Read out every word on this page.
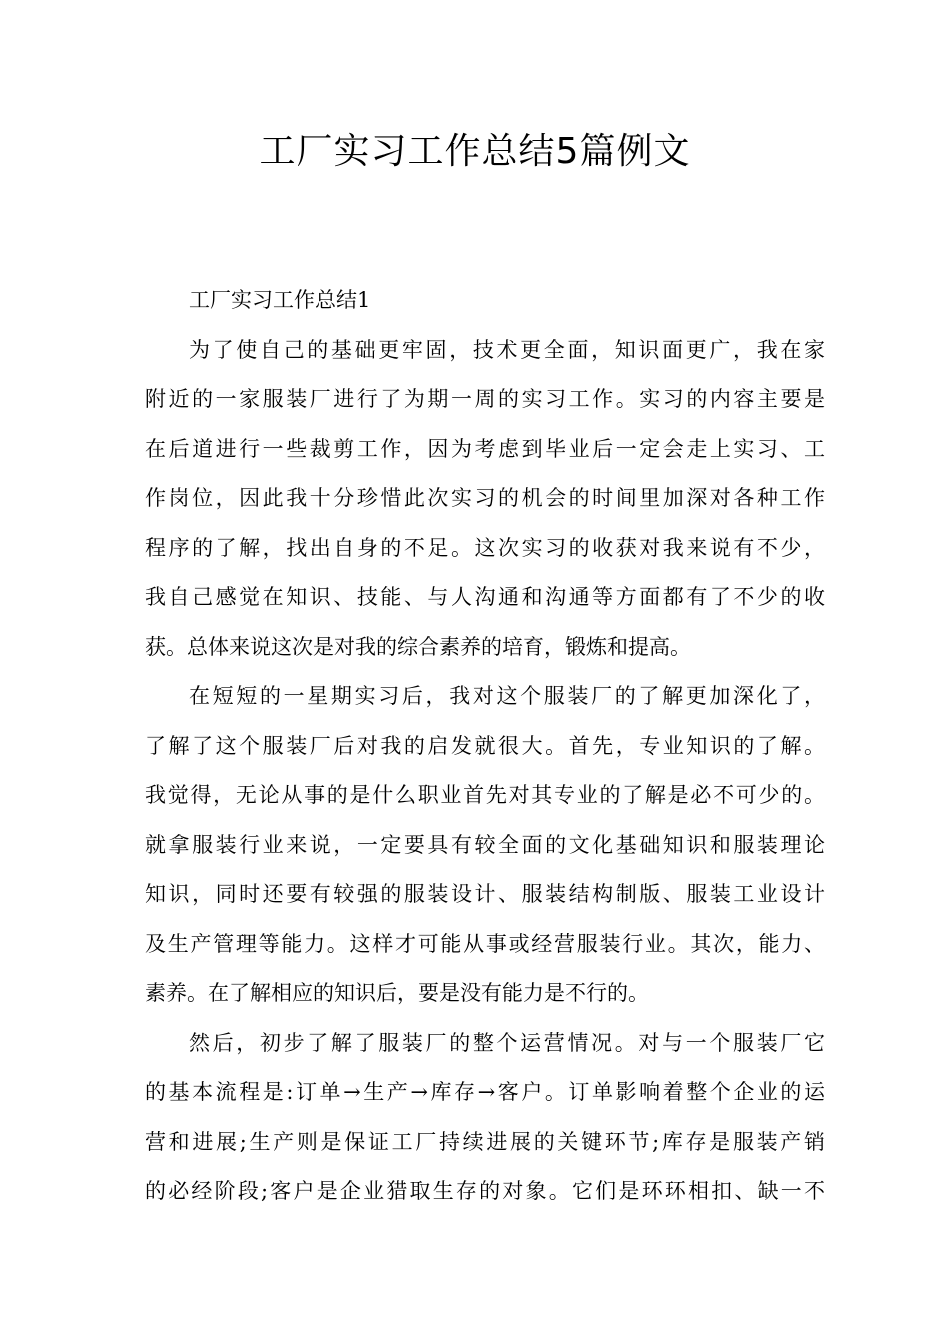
工厂实习工作总结5篇例文
工厂实习工作总结1
为了使自己的基础更牢固，技术更全面，知识面更广，我在家
附近的一家服装厂进行了为期一周的实习工作。实习的内容主要是
在后道进行一些裁剪工作，因为考虑到毕业后一定会走上实习、工
作岗位，因此我十分珍惜此次实习的机会的时间里加深对各种工作
程序的了解，找出自身的不足。这次实习的收获对我来说有不少，
我自己感觉在知识、技能、与人沟通和沟通等方面都有了不少的收
获。总体来说这次是对我的综合素养的培育，锻炼和提高。
在短短的一星期实习后，我对这个服装厂的了解更加深化了，
了解了这个服装厂后对我的启发就很大。首先，专业知识的了解。
我觉得，无论从事的是什么职业首先对其专业的了解是必不可少的。
就拿服装行业来说，一定要具有较全面的文化基础知识和服装理论
知识，同时还要有较强的服装设计、服装结构制版、服装工业设计
及生产管理等能力。这样才可能从事或经营服装行业。其次，能力、
素养。在了解相应的知识后，要是没有能力是不行的。
然后，初步了解了服装厂的整个运营情况。对与一个服装厂它
的基本流程是:订单→生产→库存→客户。订单影响着整个企业的运
营和进展;生产则是保证工厂持续进展的关键环节;库存是服装产销
的必经阶段;客户是企业猎取生存的对象。它们是环环相扣、缺一不
